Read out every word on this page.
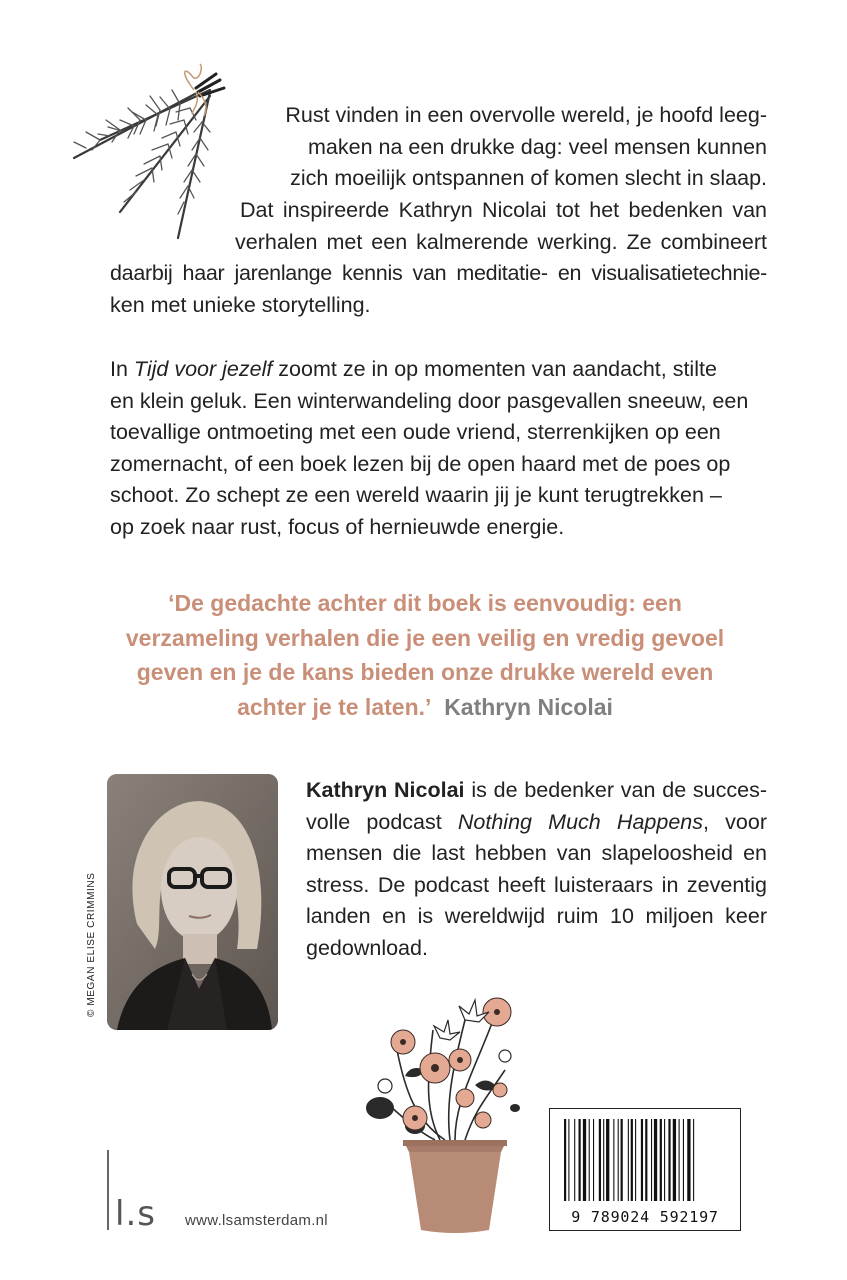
Rust vinden in een overvolle wereld, je hoofd leeg-
maken na een drukke dag: veel mensen kunnen
zich moeilijk ontspannen of komen slecht in slaap.
Dat inspireerde Kathryn Nicolai tot het bedenken van
verhalen met een kalmerende werking. Ze combineert
daarbij haar jarenlange kennis van meditatie- en visualisatietechnie-
ken met unieke storytelling.
In Tijd voor jezelf zoomt ze in op momenten van aandacht, stilte
en klein geluk. Een winterwandeling door pasgevallen sneeuw, een
toevallige ontmoeting met een oude vriend, sterrenkijken op een
zomernacht, of een boek lezen bij de open haard met de poes op
schoot. Zo schept ze een wereld waarin jij je kunt terugtrekken –
op zoek naar rust, focus of hernieuwde energie.
‘De gedachte achter dit boek is eenvoudig: een
verzameling verhalen die je een veilig en vredig gevoel
geven en je de kans bieden onze drukke wereld even
achter je te laten.’ Kathryn Nicolai
© MEGAN ELISE CRIMMINS
Kathryn Nicolai is de bedenker van de succes-
volle podcast Nothing Much Happens, voor
mensen die last hebben van slapeloosheid en
stress. De podcast heeft luisteraars in zeventig
landen en is wereldwijd ruim 10 miljoen keer
gedownload.
l.s www.lsamsterdam.nl	9 789024 592197
